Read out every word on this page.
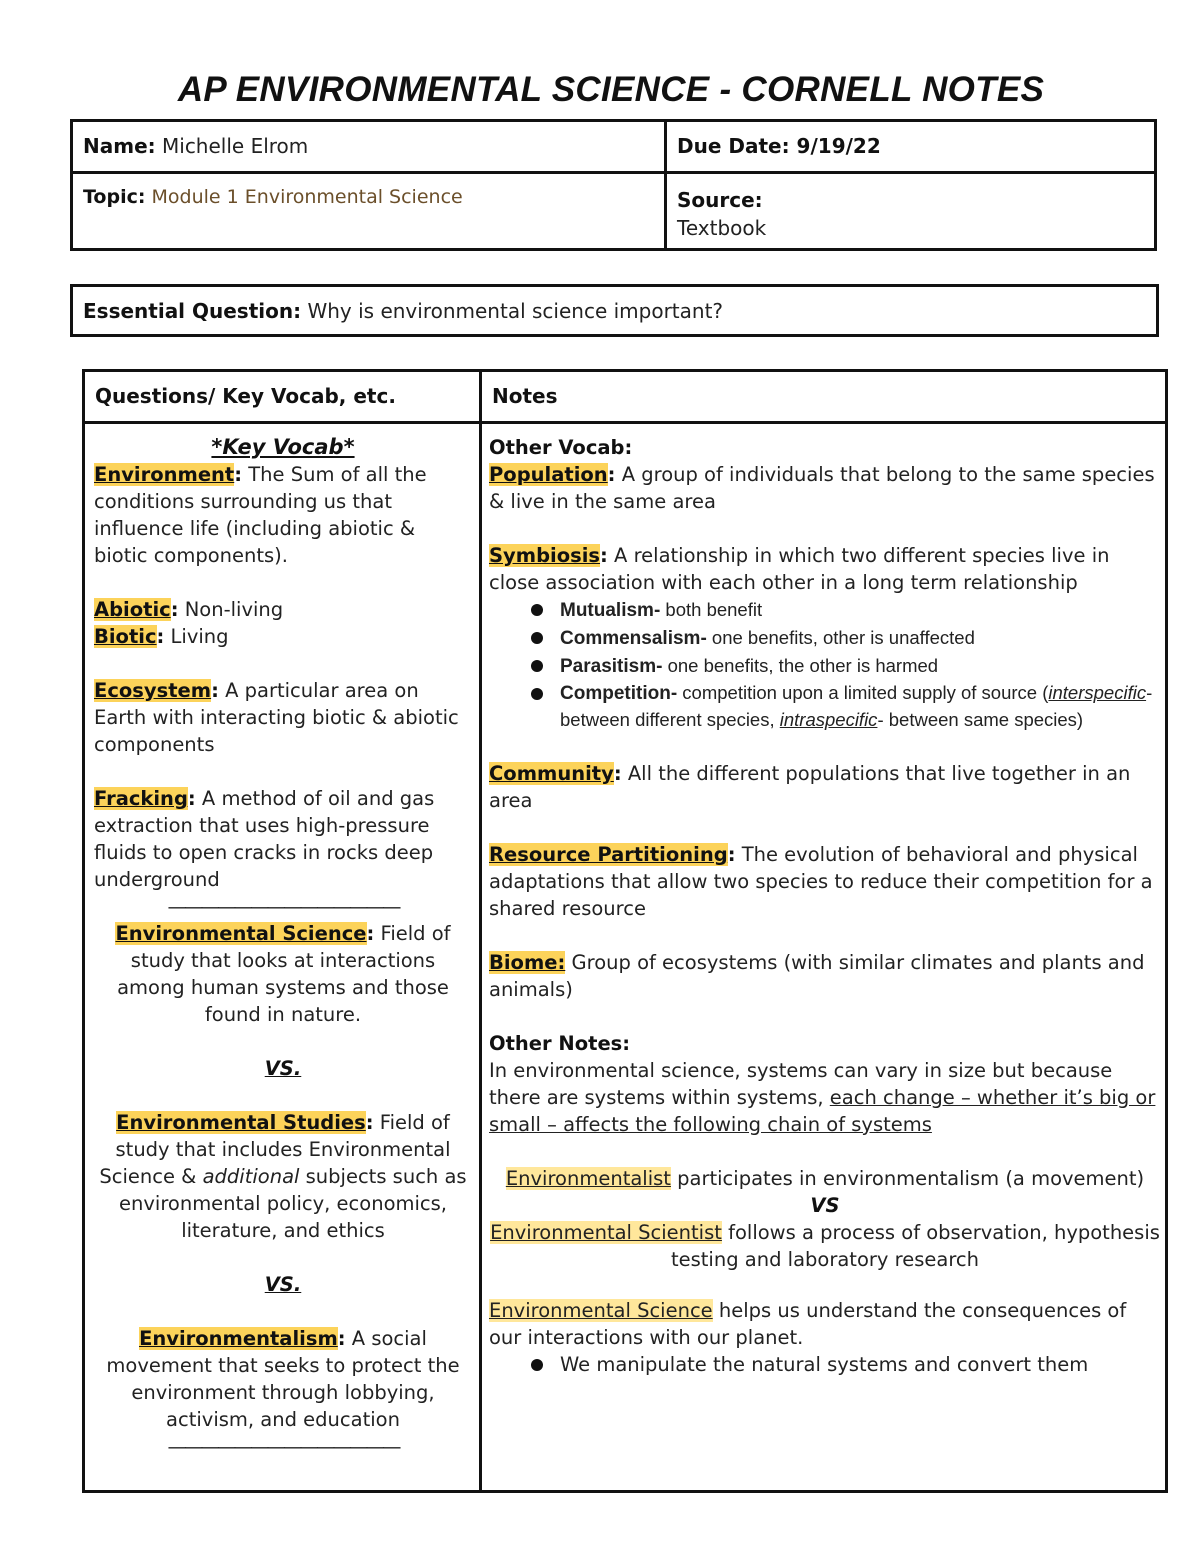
AP ENVIRONMENTAL SCIENCE - CORNELL NOTES
Name: Michelle Elrom	Due Date: 9/19/22
Topic: Module 1 Environmental Science	Source:
Textbook
Essential Question: Why is environmental science important?
Questions/ Key Vocab, etc.	Notes
*Key Vocab*
Environment: The Sum of all the conditions surrounding us that influence life (including abiotic & biotic components).
Abiotic: Non-living
Biotic: Living
Ecosystem: A particular area on Earth with interacting biotic & abiotic components
Fracking: A method of oil and gas extraction that uses high-pressure fluids to open cracks in rocks deep underground
——————————————
Environmental Science: Field of study that looks at interactions among human systems and those found in nature.
VS.
Environmental Studies: Field of study that includes Environmental Science & additional subjects such as environmental policy, economics, literature, and ethics
VS.
Environmentalism: A social movement that seeks to protect the environment through lobbying, activism, and education
——————————————
Other Vocab:
Population: A group of individuals that belong to the same species & live in the same area
Symbiosis: A relationship in which two different species live in close association with each other in a long term relationship
Mutualism- both benefit
Commensalism- one benefits, other is unaffected
Parasitism- one benefits, the other is harmed
Competition- competition upon a limited supply of source (interspecific- between different species, intraspecific- between same species)
Community: All the different populations that live together in an area
Resource Partitioning: The evolution of behavioral and physical adaptations that allow two species to reduce their competition for a shared resource
Biome: Group of ecosystems (with similar climates and plants and animals)
Other Notes:
In environmental science, systems can vary in size but because there are systems within systems, each change – whether it’s big or small – affects the following chain of systems
Environmentalist participates in environmentalism (a movement)
VS
Environmental Scientist follows a process of observation, hypothesis testing and laboratory research
Environmental Science helps us understand the consequences of our interactions with our planet.
We manipulate the natural systems and convert them
